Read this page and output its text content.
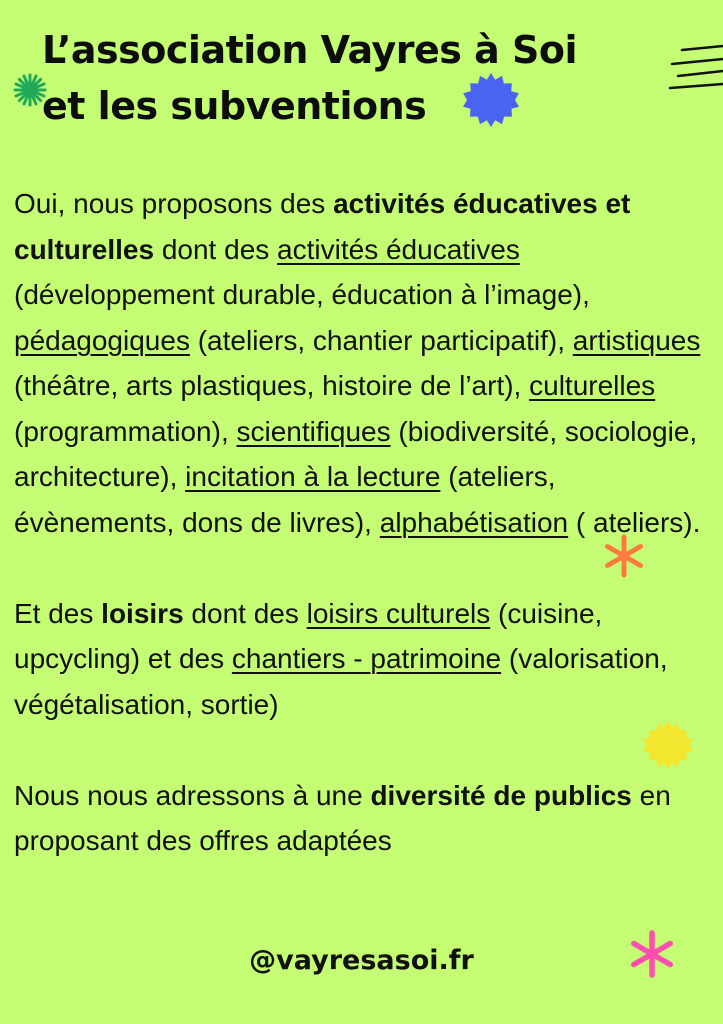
L’association Vayres à Soi
et les subventions

Oui, nous proposons des activités éducatives et culturelles dont des activités éducatives (développement durable, éducation à l’image), pédagogiques (ateliers, chantier participatif), artistiques (théâtre, arts plastiques, histoire de l’art), culturelles (programmation), scientifiques (biodiversité, sociologie, architecture), incitation à la lecture (ateliers, évènements, dons de livres), alphabétisation ( ateliers).

Et des loisirs dont des loisirs culturels (cuisine, upcycling) et des chantiers - patrimoine (valorisation, végétalisation, sortie)

Nous nous adressons à une diversité de publics en proposant des offres adaptées

@vayresasoi.fr
